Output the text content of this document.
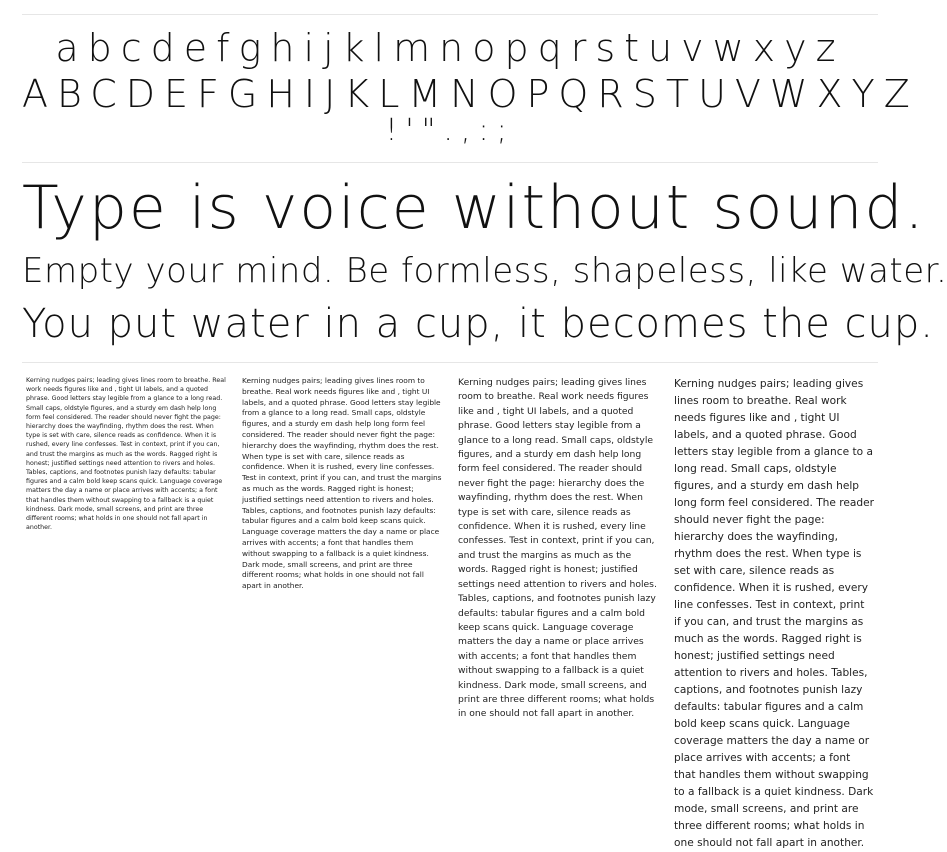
abcdefghijklmnopqrstuvwxyz
ABCDEFGHIJKLMNOPQRSTUVWXYZ
!'".,:;
Type is voice without sound.
Empty your mind. Be formless, shapeless, like water.
You put water in a cup, it becomes the cup.
Kerning nudges pairs; leading gives lines room to breathe. Real work needs figures like and , tight UI labels, and a quoted phrase. Good letters stay legible from a glance to a long read. Small caps, oldstyle figures, and a sturdy em dash help long form feel considered. The reader should never fight the page: hierarchy does the wayfinding, rhythm does the rest. When type is set with care, silence reads as confidence. When it is rushed, every line confesses. Test in context, print if you can, and trust the margins as much as the words. Ragged right is honest; justified settings need attention to rivers and holes. Tables, captions, and footnotes punish lazy defaults: tabular figures and a calm bold keep scans quick. Language coverage matters the day a name or place arrives with accents; a font that handles them without swapping to a fallback is a quiet kindness. Dark mode, small screens, and print are three different rooms; what holds in one should not fall apart in another.
Kerning nudges pairs; leading gives lines room to breathe. Real work needs figures like and , tight UI labels, and a quoted phrase. Good letters stay legible from a glance to a long read. Small caps, oldstyle figures, and a sturdy em dash help long form feel considered. The reader should never fight the page: hierarchy does the wayfinding, rhythm does the rest. When type is set with care, silence reads as confidence. When it is rushed, every line confesses. Test in context, print if you can, and trust the margins as much as the words. Ragged right is honest; justified settings need attention to rivers and holes. Tables, captions, and footnotes punish lazy defaults: tabular figures and a calm bold keep scans quick. Language coverage matters the day a name or place arrives with accents; a font that handles them without swapping to a fallback is a quiet kindness. Dark mode, small screens, and print are three different rooms; what holds in one should not fall apart in another.
Kerning nudges pairs; leading gives lines room to breathe. Real work needs figures like and , tight UI labels, and a quoted phrase. Good letters stay legible from a glance to a long read. Small caps, oldstyle figures, and a sturdy em dash help long form feel considered. The reader should never fight the page: hierarchy does the wayfinding, rhythm does the rest. When type is set with care, silence reads as confidence. When it is rushed, every line confesses. Test in context, print if you can, and trust the margins as much as the words. Ragged right is honest; justified settings need attention to rivers and holes. Tables, captions, and footnotes punish lazy defaults: tabular figures and a calm bold keep scans quick. Language coverage matters the day a name or place arrives with accents; a font that handles them without swapping to a fallback is a quiet kindness. Dark mode, small screens, and print are three different rooms; what holds in one should not fall apart in another.
Kerning nudges pairs; leading gives lines room to breathe. Real work needs figures like and , tight UI labels, and a quoted phrase. Good letters stay legible from a glance to a long read. Small caps, oldstyle figures, and a sturdy em dash help long form feel considered. The reader should never fight the page: hierarchy does the wayfinding, rhythm does the rest. When type is set with care, silence reads as confidence. When it is rushed, every line confesses. Test in context, print if you can, and trust the margins as much as the words. Ragged right is honest; justified settings need attention to rivers and holes. Tables, captions, and footnotes punish lazy defaults: tabular figures and a calm bold keep scans quick. Language coverage matters the day a name or place arrives with accents; a font that handles them without swapping to a fallback is a quiet kindness. Dark mode, small screens, and print are three different rooms; what holds in one should not fall apart in another.
